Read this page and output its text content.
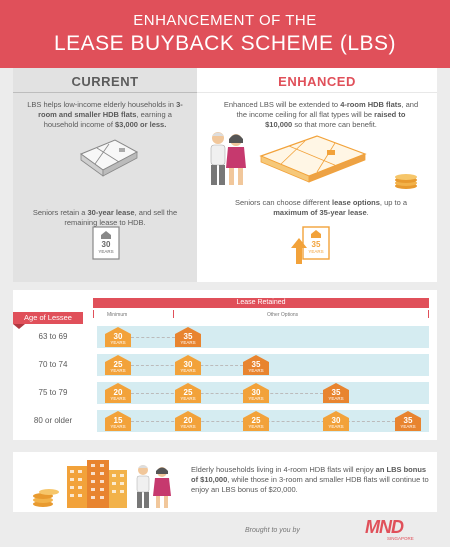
ENHANCEMENT OF THE
LEASE BUYBACK SCHEME (LBS)
CURRENT
LBS helps low-income elderly households in 3-room and smaller HDB flats, earning a household income of $3,000 or less.
Seniors retain a 30-year lease, and sell the remaining lease to HDB.
30
YEARS
ENHANCED
Enhanced LBS will be extended to 4-room HDB flats, and the income ceiling for all flat types will be raised to $10,000 so that more can benefit.
Seniors can choose different lease options, up to a maximum of 35-year lease.
35
YEARS
Lease Retained
Minimum	Other Options
Age of Lessee
63 to 69	30
YEARS
35
YEARS
70 to 74	25
YEARS
30
YEARS
35
YEARS
75 to 79	20
YEARS
25
YEARS
30
YEARS
35
YEARS
80 or older	15
YEARS
20
YEARS
25
YEARS
30
YEARS
35
YEARS
Elderly households living in 4-room HDB flats will enjoy an LBS bonus of $10,000, while those in 3-room and smaller HDB flats will continue to enjoy an LBS bonus of $20,000.
Brought to you by	MND
SINGAPORE
